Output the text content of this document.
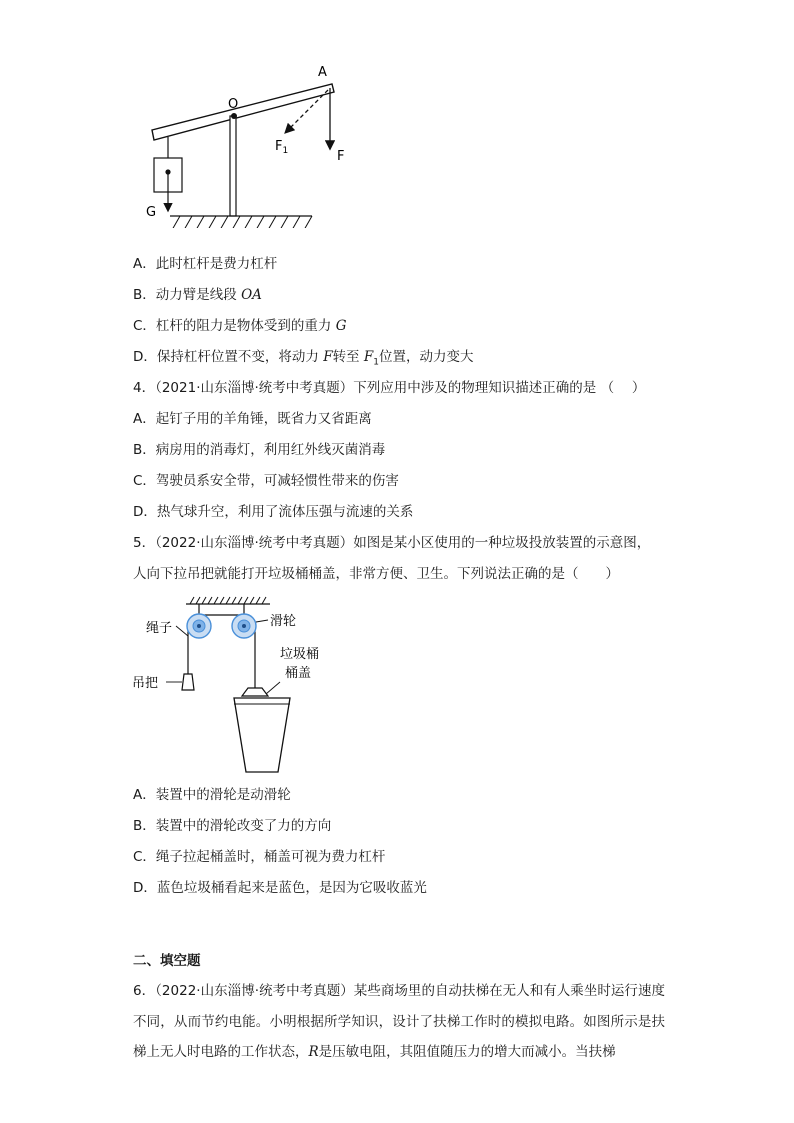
A
O
$F_1$	F
G
A．此时杠杆是费力杠杆
B．动力臂是线段 OA
C．杠杆的阻力是物体受到的重力 G
D．保持杠杆位置不变，将动力 F转至 $F_1$位置，动力变大
4．（2021·山东淄博·统考中考真题）下列应用中涉及的物理知识描述正确的是 （　 ）
A．起钉子用的羊角锤，既省力又省距离
B．病房用的消毒灯，利用红外线灭菌消毒
C．驾驶员系安全带，可减轻惯性带来的伤害
D．热气球升空，利用了流体压强与流速的关系
5．（2022·山东淄博·统考中考真题）如图是某小区使用的一种垃圾投放装置的示意图，
人向下拉吊把就能打开垃圾桶桶盖，非常方便、卫生。下列说法正确的是（　　）
绳子	滑轮
吊把
垃圾桶
桶盖
A．装置中的滑轮是动滑轮
B．装置中的滑轮改变了力的方向
C．绳子拉起桶盖时，桶盖可视为费力杠杆
D．蓝色垃圾桶看起来是蓝色，是因为它吸收蓝光
二、填空题
6．（2022·山东淄博·统考中考真题）某些商场里的自动扶梯在无人和有人乘坐时运行速度不同，从而节约电能。小明根据所学知识，设计了扶梯工作时的模拟电路。如图所示是扶梯上无人时电路的工作状态，R是压敏电阻，其阻值随压力的增大而减小。当扶梯
